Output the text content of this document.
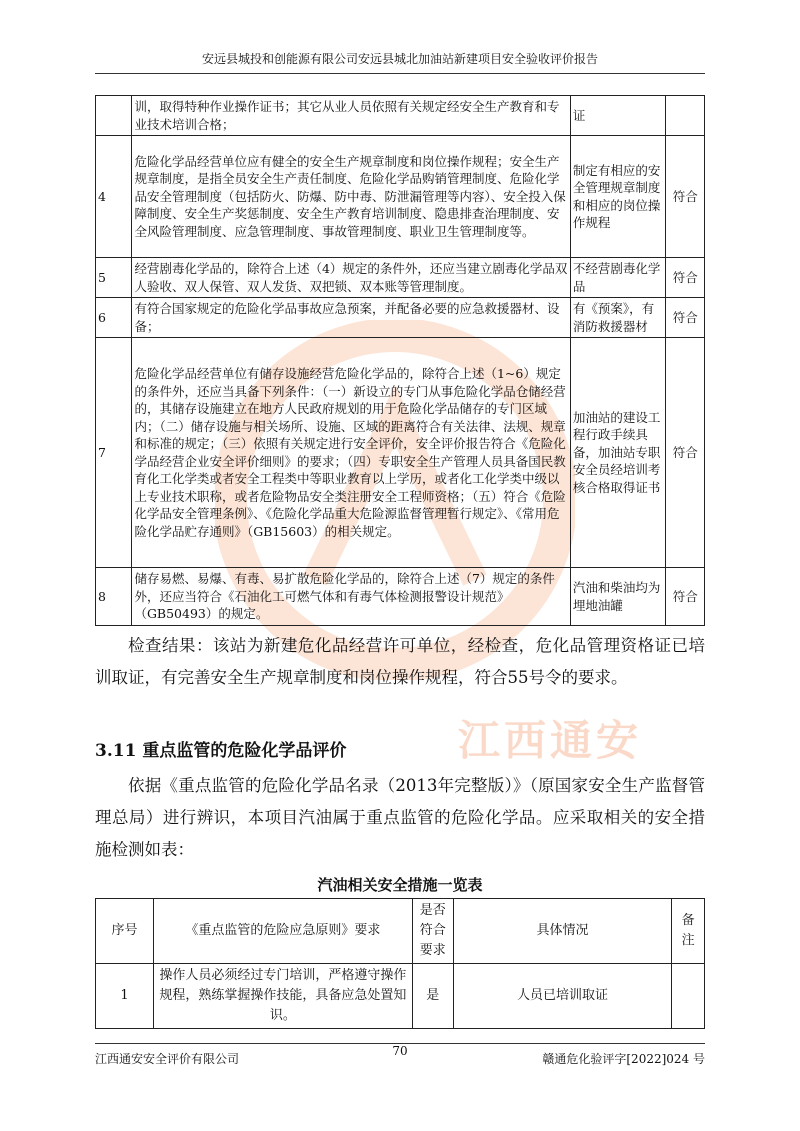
安远县城投和创能源有限公司安远县城北加油站新建项目安全验收评价报告
江西通安
	训，取得特种作业操作证书；其它从业人员依照有关规定经安全生产教育和专业技术培训合格；	证	
4	危险化学品经营单位应有健全的安全生产规章制度和岗位操作规程；安全生产规章制度，是指全员安全生产责任制度、危险化学品购销管理制度、危险化学品安全管理制度（包括防火、防爆、防中毒、防泄漏管理等内容）、安全投入保障制度、安全生产奖惩制度、安全生产教育培训制度、隐患排查治理制度、安全风险管理制度、应急管理制度、事故管理制度、职业卫生管理制度等。	制定有相应的安全管理规章制度和相应的岗位操作规程	符合
5	经营剧毒化学品的，除符合上述（4）规定的条件外，还应当建立剧毒化学品双人验收、双人保管、双人发货、双把锁、双本账等管理制度。	不经营剧毒化学品	符合
6	有符合国家规定的危险化学品事故应急预案，并配备必要的应急救援器材、设备；	有《预案》，有消防救援器材	符合
7	危险化学品经营单位有储存设施经营危险化学品的，除符合上述（1~6）规定的条件外，还应当具备下列条件：（一）新设立的专门从事危险化学品仓储经营的，其储存设施建立在地方人民政府规划的用于危险化学品储存的专门区域内；（二）储存设施与相关场所、设施、区域的距离符合有关法律、法规、规章和标准的规定；（三）依照有关规定进行安全评价，安全评价报告符合《危险化学品经营企业安全评价细则》的要求；（四）专职安全生产管理人员具备国民教育化工化学类或者安全工程类中等职业教育以上学历，或者化工化学类中级以上专业技术职称，或者危险物品安全类注册安全工程师资格；（五）符合《危险化学品安全管理条例》、《危险化学品重大危险源监督管理暂行规定》、《常用危险化学品贮存通则》（GB15603）的相关规定。	加油站的建设工程行政手续具备，加油站专职安全员经培训考核合格取得证书	符合
8	储存易燃、易爆、有毒、易扩散危险化学品的，除符合上述（7）规定的条件外，还应当符合《石油化工可燃气体和有毒气体检测报警设计规范》（GB50493）的规定。	汽油和柴油均为埋地油罐	符合

检查结果：该站为新建危化品经营许可单位，经检查，危化品管理资格证已培训取证，有完善安全生产规章制度和岗位操作规程，符合55号令的要求。

3.11 重点监管的危险化学品评价

依据《重点监管的危险化学品名录（2013年完整版）》（原国家安全生产监督管理总局）进行辨识，本项目汽油属于重点监管的危险化学品。应采取相关的安全措施检测如表：

汽油相关安全措施一览表
序号	《重点监管的危险应急原则》要求	是否符合要求	具体情况	备注
1	操作人员必须经过专门培训，严格遵守操作规程，熟练掌握操作技能，具备应急处置知识。	是	人员已培训取证	
江西通安安全评价有限公司
70
赣通危化验评字[2022]024 号
